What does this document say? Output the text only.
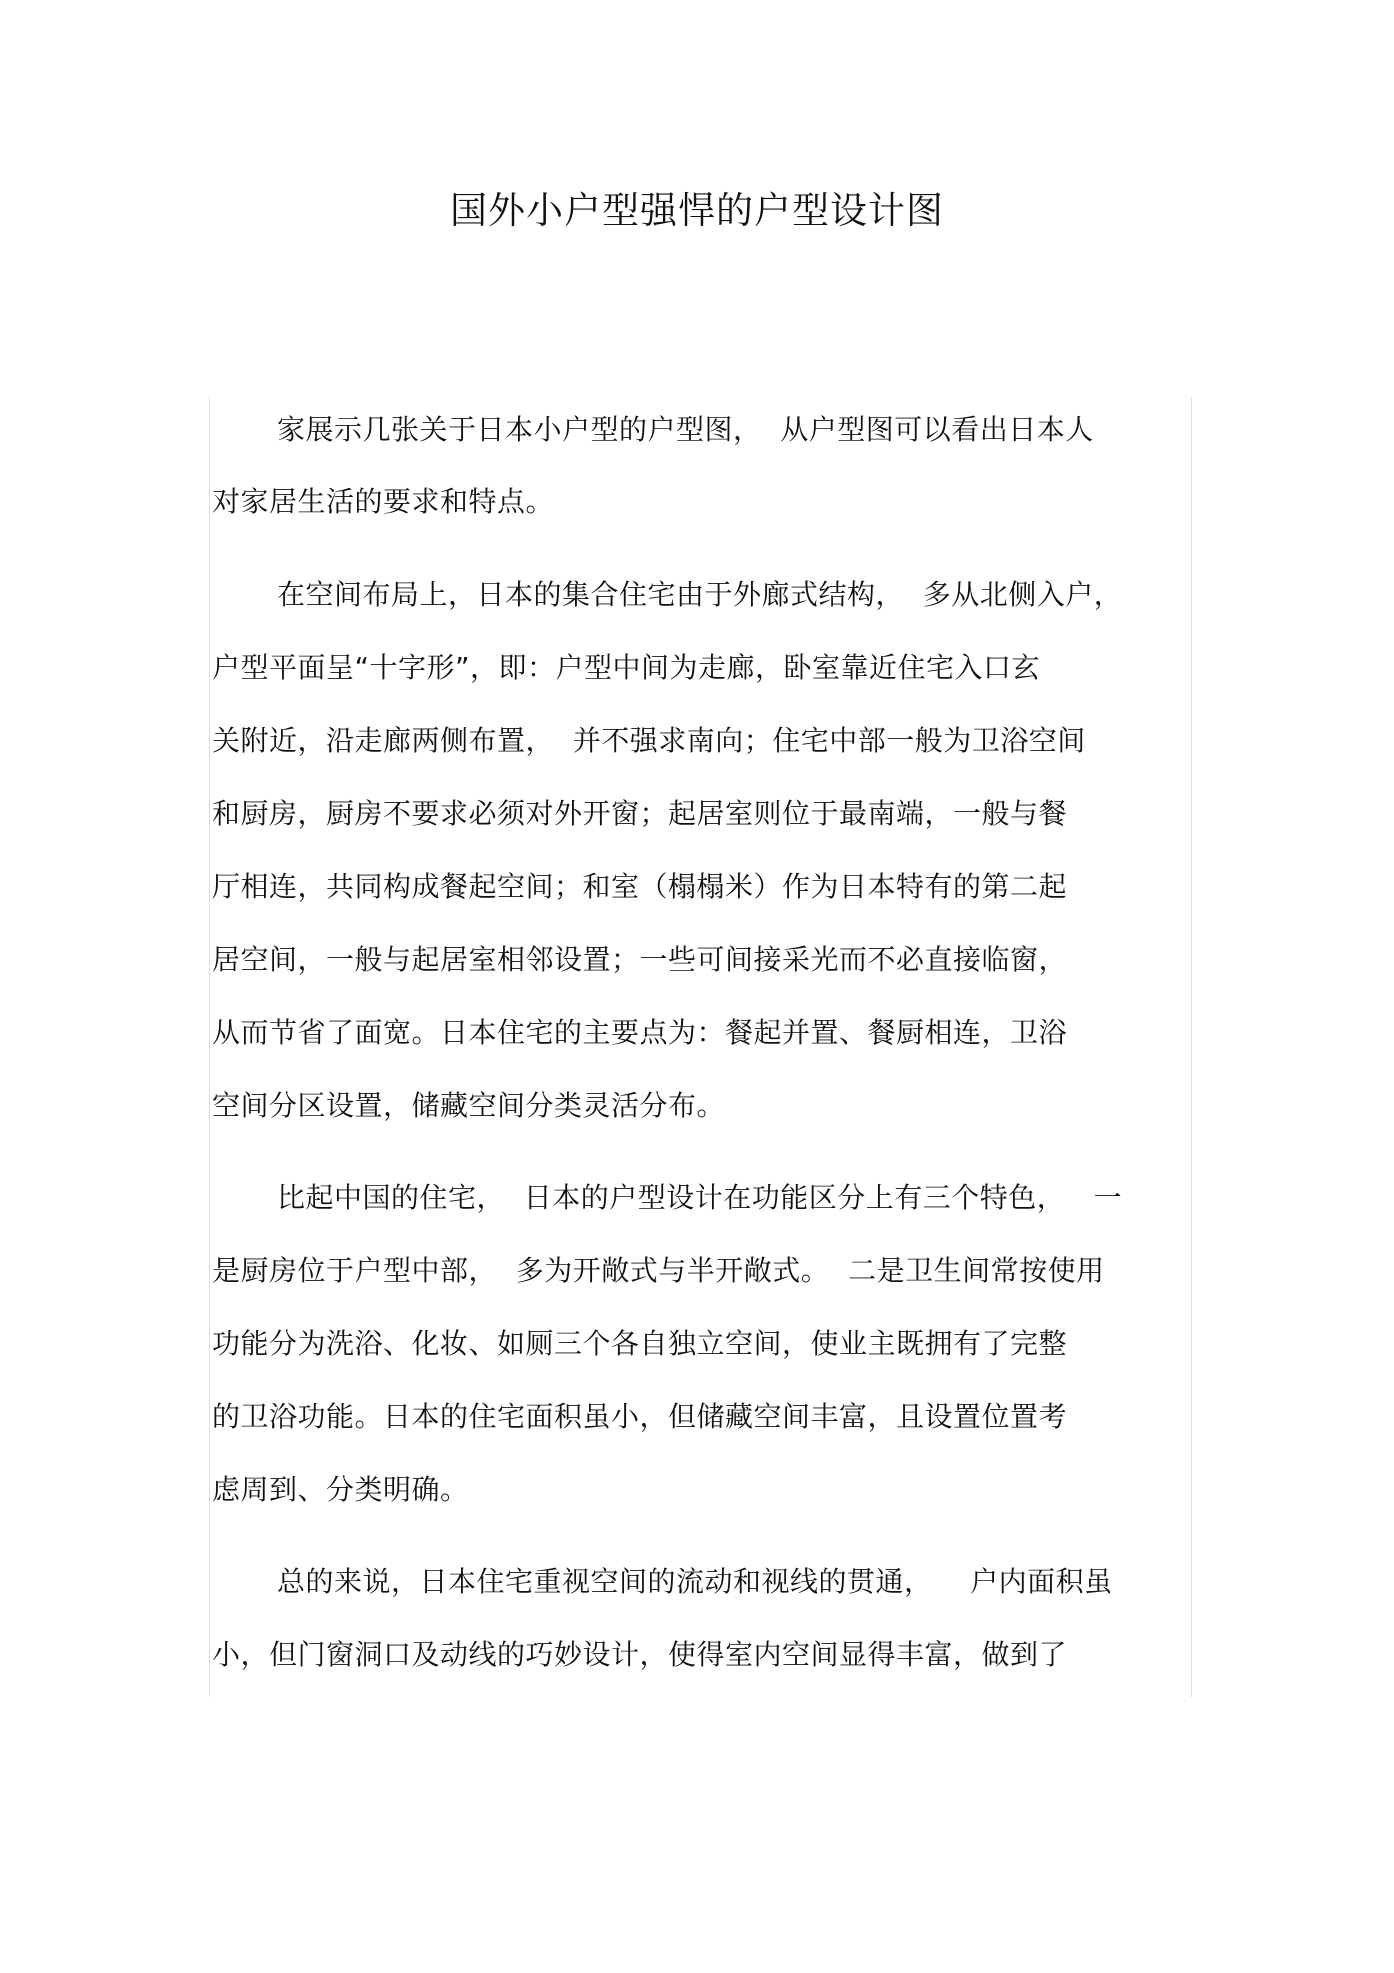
国外小户型强悍的户型设计图
家展示几张关于日本小户型的户型图，  从户型图可以看出日本人
对家居生活的要求和特点。
在空间布局上，日本的集合住宅由于外廊式结构，  多从北侧入户，
户型平面呈“十字形”，即：户型中间为走廊，卧室靠近住宅入口玄
关附近，沿走廊两侧布置，  并不强求南向；住宅中部一般为卫浴空间
和厨房，厨房不要求必须对外开窗；起居室则位于最南端，一般与餐
厅相连，共同构成餐起空间；和室（榻榻米）作为日本特有的第二起
居空间，一般与起居室相邻设置；一些可间接采光而不必直接临窗，
从而节省了面宽。日本住宅的主要点为：餐起并置、餐厨相连，卫浴
空间分区设置，储藏空间分类灵活分布。
比起中国的住宅，  日本的户型设计在功能区分上有三个特色，   一
是厨房位于户型中部，  多为开敞式与半开敞式。  二是卫生间常按使用
功能分为洗浴、化妆、如厕三个各自独立空间，使业主既拥有了完整
的卫浴功能。日本的住宅面积虽小，但储藏空间丰富，且设置位置考
虑周到、分类明确。
总的来说，日本住宅重视空间的流动和视线的贯通，    户内面积虽
小，但门窗洞口及动线的巧妙设计，使得室内空间显得丰富，做到了
